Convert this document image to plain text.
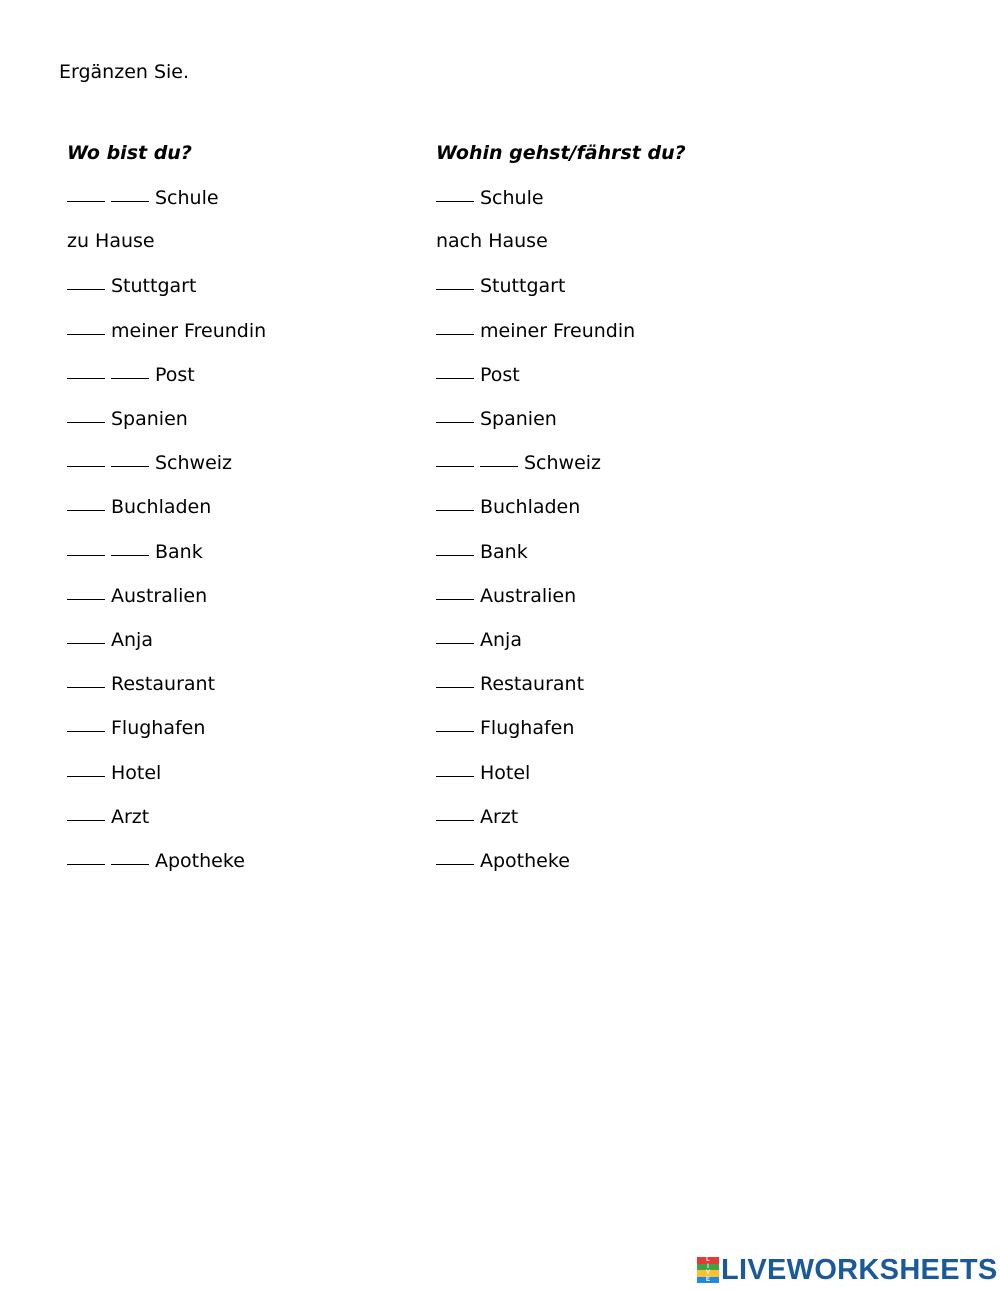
Ergänzen Sie.
Wo bist du?	Wohin gehst/fährst du?
Schule	Schule
zu Hause	nach Hause
Stuttgart	Stuttgart
meiner Freundin	meiner Freundin
Post	Post
Spanien	Spanien
Schweiz	Schweiz
Buchladen	Buchladen
Bank	Bank
Australien	Australien
Anja	Anja
Restaurant	Restaurant
Flughafen	Flughafen
Hotel	Hotel
Arzt	Arzt
Apotheke	Apotheke
L
I
V
E LIVEWORKSHEETS
